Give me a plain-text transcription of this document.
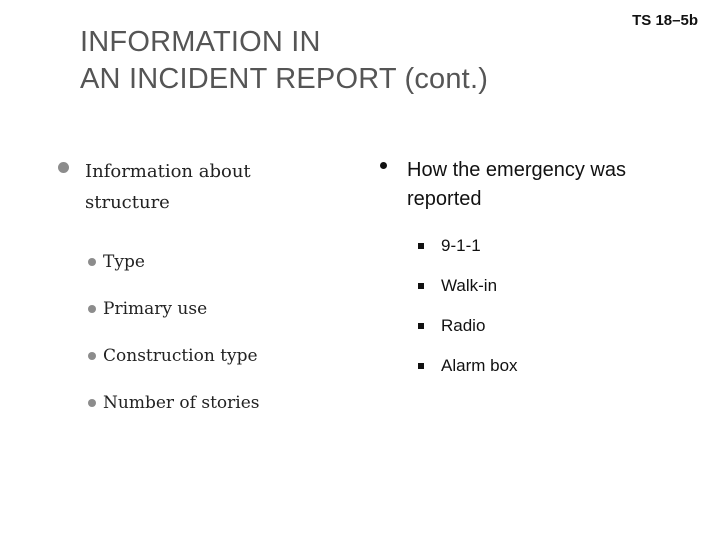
TS 18–5b
INFORMATION IN
AN INCIDENT REPORT (cont.)
Information about structure
Type
Primary use
Construction type
Number of stories
How the emergency was reported
9-1-1
Walk-in
Radio
Alarm box
